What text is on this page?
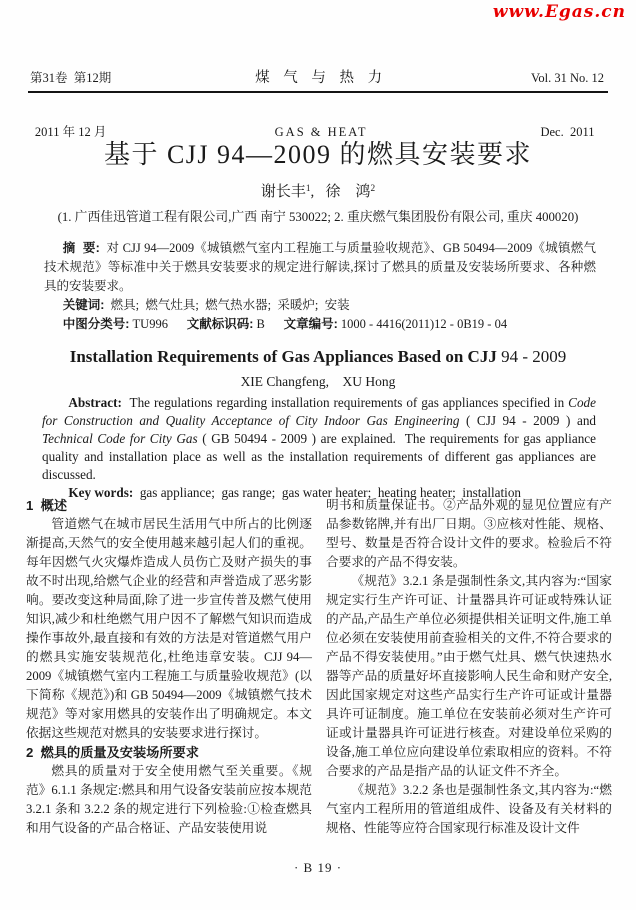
www.Egas.cn

第31卷  第12期

2011 年 12 月

煤 气 与 热 力

GAS & HEAT

Vol. 31 No. 12

Dec.  2011

基于 CJJ 94—2009 的燃具安装要求
谢长丰$^1$,   徐　鸿$^2$
(1. 广西佳迅管道工程有限公司,广西 南宁 530022; 2. 重庆燃气集团股份有限公司, 重庆 400020)
摘  要:  对 CJJ 94—2009《城镇燃气室内工程施工与质量验收规范》、GB 50494—2009《城镇燃气技术规范》等标准中关于燃具安装要求的规定进行解读,探讨了燃具的质量及安装场所要求、各种燃具的安装要求。
关键词:  燃具;  燃气灶具;  燃气热水器;  采暖炉;  安装
中图分类号: TU996      文献标识码: B      文章编号: 1000 - 4416(2011)12 - 0B19 - 04
Installation Requirements of Gas Appliances Based on CJJ 94 - 2009
XIE Changfeng,    XU Hong
Abstract:  The regulations regarding installation requirements of gas appliances specified in Code for Construction and Quality Acceptance of City Indoor Gas Engineering ( CJJ 94 - 2009 ) and Technical Code for City Gas ( GB 50494 - 2009 ) are explained.  The requirements for gas appliance quality and installation place as well as the installation requirements of different gas appliances are discussed.
Key words:  gas appliance;  gas range;  gas water heater;  heating heater;  installation
1  概述
管道燃气在城市居民生活用气中所占的比例逐渐提高,天然气的安全使用越来越引起人们的重视。每年因燃气火灾爆炸造成人员伤亡及财产损失的事故不时出现,给燃气企业的经营和声誉造成了恶劣影响。要改变这种局面,除了进一步宣传普及燃气使用知识,减少和杜绝燃气用户因不了解燃气知识而造成操作事故外,最直接和有效的方法是对管道燃气用户的燃具实施安装规范化,杜绝违章安装。CJJ 94—2009《城镇燃气室内工程施工与质量验收规范》(以下简称《规范》)和 GB 50494—2009《城镇燃气技术规范》等对家用燃具的安装作出了明确规定。本文依据这些规范对燃具的安装要求进行探讨。
2  燃具的质量及安装场所要求
燃具的质量对于安全使用燃气至关重要。《规范》6.1.1 条规定:燃具和用气设备安装前应按本规范 3.2.1 条和 3.2.2 条的规定进行下列检验:①检查燃具和用气设备的产品合格证、产品安装使用说
明书和质量保证书。②产品外观的显见位置应有产品参数铭牌,并有出厂日期。③应核对性能、规格、型号、数量是否符合设计文件的要求。检验后不符合要求的产品不得安装。
《规范》3.2.1 条是强制性条文,其内容为:“国家规定实行生产许可证、计量器具许可证或特殊认证的产品,产品生产单位必须提供相关证明文件,施工单位必须在安装使用前查验相关的文件,不符合要求的产品不得安装使用。”由于燃气灶具、燃气快速热水器等产品的质量好坏直接影响人民生命和财产安全,因此国家规定对这些产品实行生产许可证或计量器具许可证制度。施工单位在安装前必须对生产许可证或计量器具许可证进行核查。对建设单位采购的设备,施工单位应向建设单位索取相应的资料。不符合要求的产品是指产品的认证文件不齐全。
《规范》3.2.2 条也是强制性条文,其内容为:“燃气室内工程所用的管道组成件、设备及有关材料的规格、性能等应符合国家现行标准及设计文件
· B 19 ·
